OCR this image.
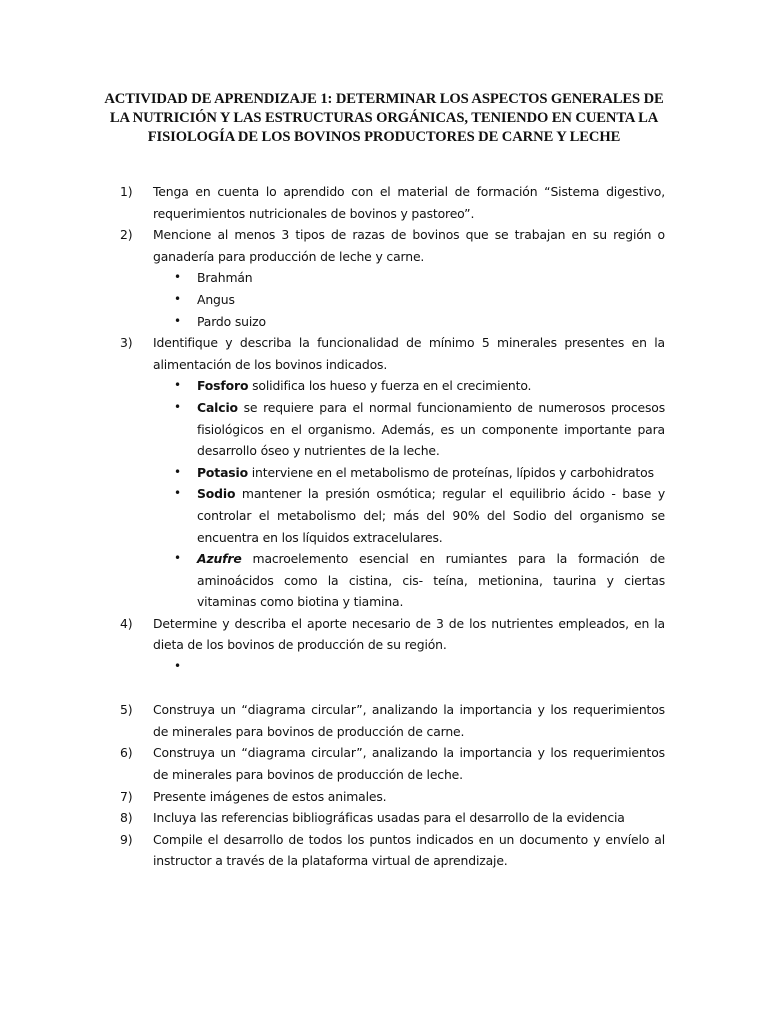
ACTIVIDAD DE APRENDIZAJE 1: DETERMINAR LOS ASPECTOS GENERALES DE LA NUTRICIÓN Y LAS ESTRUCTURAS ORGÁNICAS, TENIENDO EN CUENTA LA FISIOLOGÍA DE LOS BOVINOS PRODUCTORES DE CARNE Y LECHE
1) Tenga en cuenta lo aprendido con el material de formación “Sistema digestivo, requerimientos nutricionales de bovinos y pastoreo”.
2) Mencione al menos 3 tipos de razas de bovinos que se trabajan en su región o ganadería para producción de leche y carne.
• Brahmán
• Angus
• Pardo suizo
3) Identifique y describa la funcionalidad de mínimo 5 minerales presentes en la alimentación de los bovinos indicados.
• Fosforo solidifica los hueso y fuerza en el crecimiento.
• Calcio se requiere para el normal funcionamiento de numerosos procesos fisiológicos en el organismo. Además, es un componente importante para desarrollo óseo y nutrientes de la leche.
• Potasio interviene en el metabolismo de proteínas, lípidos y carbohidratos
• Sodio mantener la presión osmótica; regular el equilibrio ácido - base y controlar el metabolismo del; más del 90% del Sodio del organismo se encuentra en los líquidos extracelulares.
• Azufre macroelemento esencial en rumiantes para la formación de aminoácidos como la cistina, cis- teína, metionina, taurina y ciertas vitaminas como biotina y tiamina.
4) Determine y describa el aporte necesario de 3 de los nutrientes empleados, en la dieta de los bovinos de producción de su región.
•

5) Construya un “diagrama circular”, analizando la importancia y los requerimientos de minerales para bovinos de producción de carne.
6) Construya un “diagrama circular”, analizando la importancia y los requerimientos de minerales para bovinos de producción de leche.
7) Presente imágenes de estos animales.
8) Incluya las referencias bibliográficas usadas para el desarrollo de la evidencia
9) Compile el desarrollo de todos los puntos indicados en un documento y envíelo al instructor a través de la plataforma virtual de aprendizaje.
